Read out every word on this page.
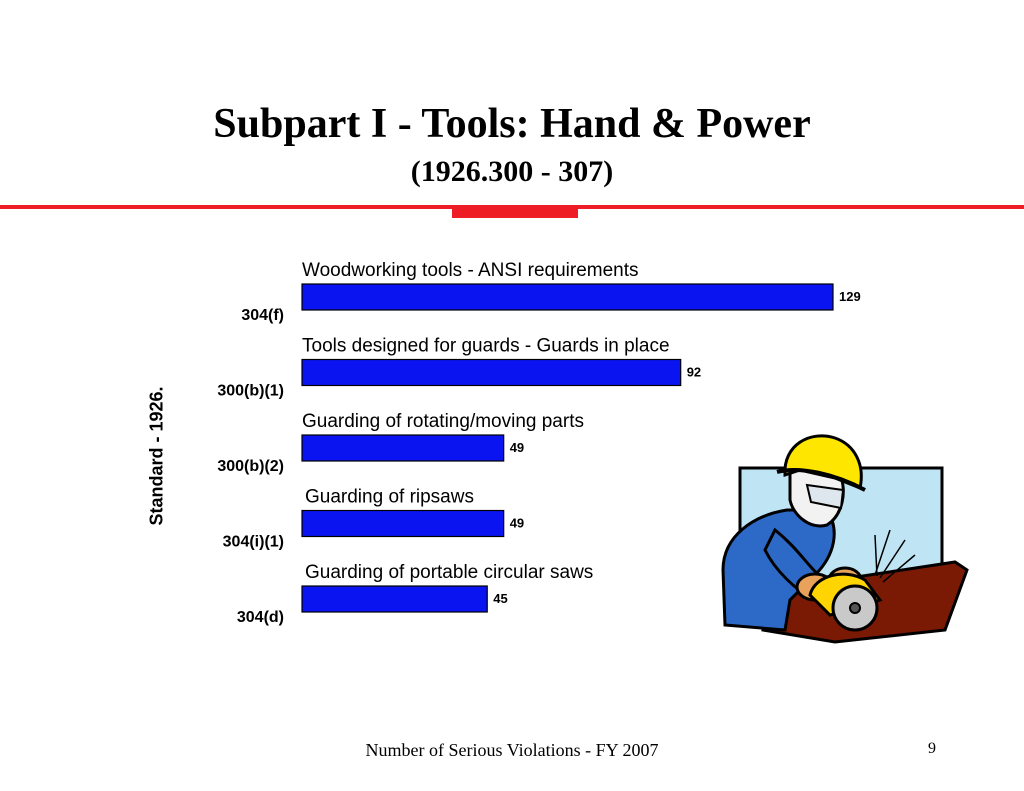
Subpart I - Tools: Hand & Power
(1926.300 - 307)
Standard - 1926.
Woodworking tools - ANSI requirements
129
304(f)
Tools designed for guards - Guards in place
92
300(b)(1)
Guarding of rotating/moving parts
49
300(b)(2)
Guarding of ripsaws
49
304(i)(1)
Guarding of portable circular saws
45
304(d)
Number of Serious Violations - FY 2007	9
